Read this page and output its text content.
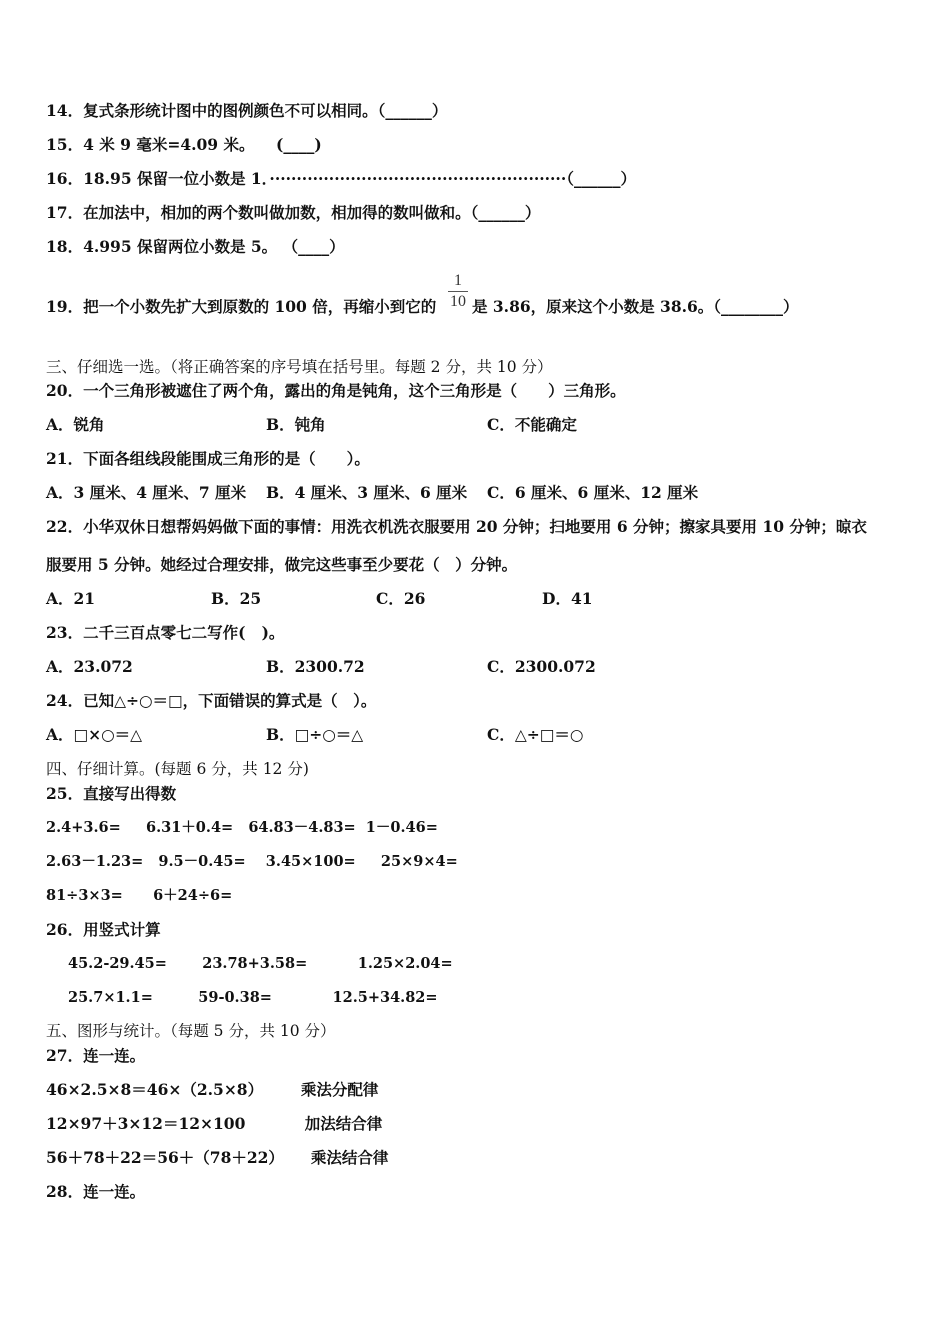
14．复式条形统计图中的图例颜色不可以相同。（______）
15．4 米 9 毫米=4.09 米。    (____)
16．18.95 保留一位小数是 1．·······················································（______）
17．在加法中，相加的两个数叫做加数，相加得的数叫做和。（______）
18．4.995 保留两位小数是 5。 （____）
19．把一个小数先扩大到原数的 100 倍，再缩小到它的
1
10 是 3.86，原来这个小数是 38.6。（________）
三、仔细选一选。（将正确答案的序号填在括号里。每题 2 分，共 10 分）
20．一个三角形被遮住了两个角，露出的角是钝角，这个三角形是（　　）三角形。
A．锐角	B．钝角	C．不能确定
21．下面各组线段能围成三角形的是（　　）。
A．3 厘米、4 厘米、7 厘米 B．4 厘米、3 厘米、6 厘米 C．6 厘米、6 厘米、12 厘米
22．小华双休日想帮妈妈做下面的事情：用洗衣机洗衣服要用 20 分钟；扫地要用 6 分钟；擦家具要用 10 分钟；晾衣
服要用 5 分钟。她经过合理安排，做完这些事至少要花（　）分钟。
A．21	B．25	C．26	D．41
23．二千三百点零七二写作(   )。
A．23.072	B．2300.72	C．2300.072
24．已知△÷○＝□，下面错误的算式是（　）。
A．□×○＝△	B．□÷○＝△	C．△÷□＝○
四、仔细计算。(每题 6 分，共 12 分)
25．直接写出得数
2.4+3.6=     6.31＋0.4=   64.83－4.83=  1－0.46=
2.63－1.23=   9.5－0.45=    3.45×100=     25×9×4=
81÷3×3=      6＋24÷6=
26．用竖式计算
45.2-29.45=       23.78+3.58=          1.25×2.04=
25.7×1.1=         59-0.38=            12.5+34.82=
五、图形与统计。（每题 5 分，共 10 分）
27．连一连。
46×2.5×8＝46×（2.5×8）       乘法分配律
12×97＋3×12＝12×100           加法结合律
56＋78＋22＝56＋（78＋22）     乘法结合律
28．连一连。
